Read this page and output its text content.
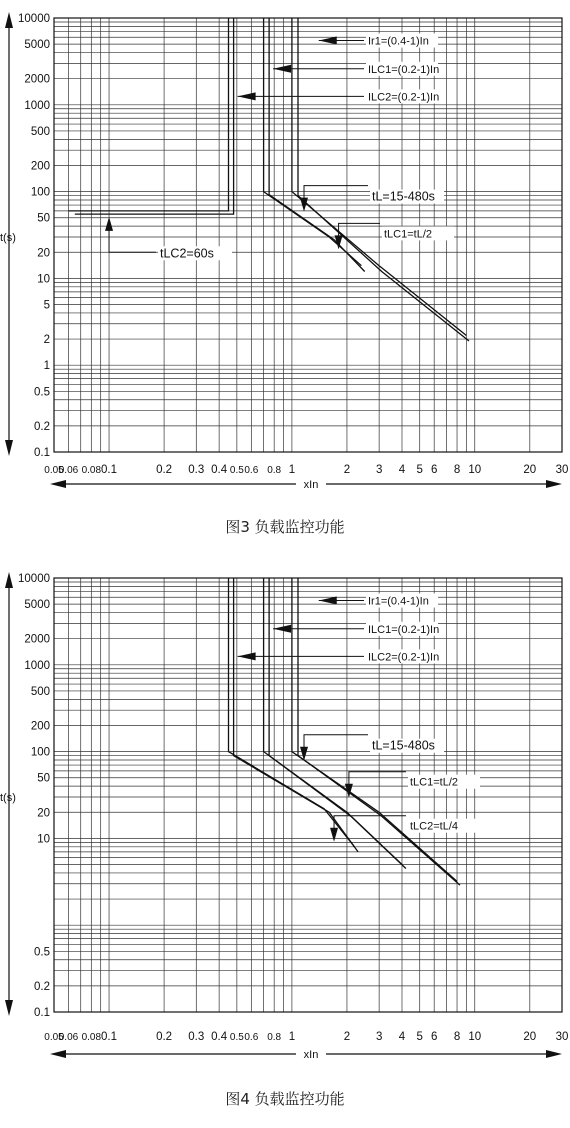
10000
5000
2000
1000
500
200
100
50
20
10
5
2
1
0.5
0.2
0.1
0.05
0.06 0.08 0.1	0.2 0.3 0.4 0.5 0.6 0.8 1	2 3 4 5 6 8 10	20 30
t(s)
xIn
Ir1=(0.4-1)In
ILC1=(0.2-1)In
ILC2=(0.2-1)In
tL=15-480s
tLC1=tL/2
tLC2=60s
图3 负载监控功能
10000
5000
2000
1000
500
200
100
50
20
10
0.5
0.2
0.1
0.05
0.06 0.08 0.1	0.2 0.3 0.4 0.5 0.6 0.8 1	2 3 4 5 6 8 10	20 30
t(s)
xIn
Ir1=(0.4-1)In
ILC1=(0.2-1)In
ILC2=(0.2-1)In
tL=15-480s
tLC1=tL/2
tLC2=tL/4
图4 负载监控功能
